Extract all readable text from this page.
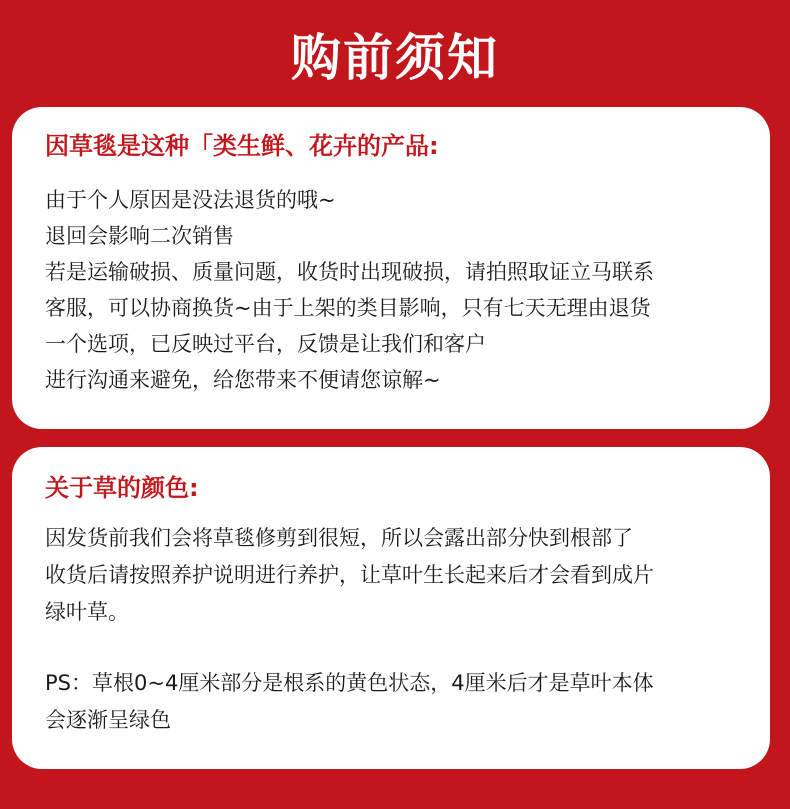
购前须知
因草毯是这种「类生鲜、花卉的产品:
由于个人原因是没法退货的哦~
退回会影响二次销售
若是运输破损、质量问题，收货时出现破损，请拍照取证立马联系
客服，可以协商换货~由于上架的类目影响，只有七天无理由退货
一个选项，已反映过平台，反馈是让我们和客户
进行沟通来避免，给您带来不便请您谅解~
关于草的颜色:
因发货前我们会将草毯修剪到很短，所以会露出部分快到根部了
收货后请按照养护说明进行养护，让草叶生长起来后才会看到成片
绿叶草。
PS：草根0~4厘米部分是根系的黄色状态，4厘米后才是草叶本体
会逐渐呈绿色
